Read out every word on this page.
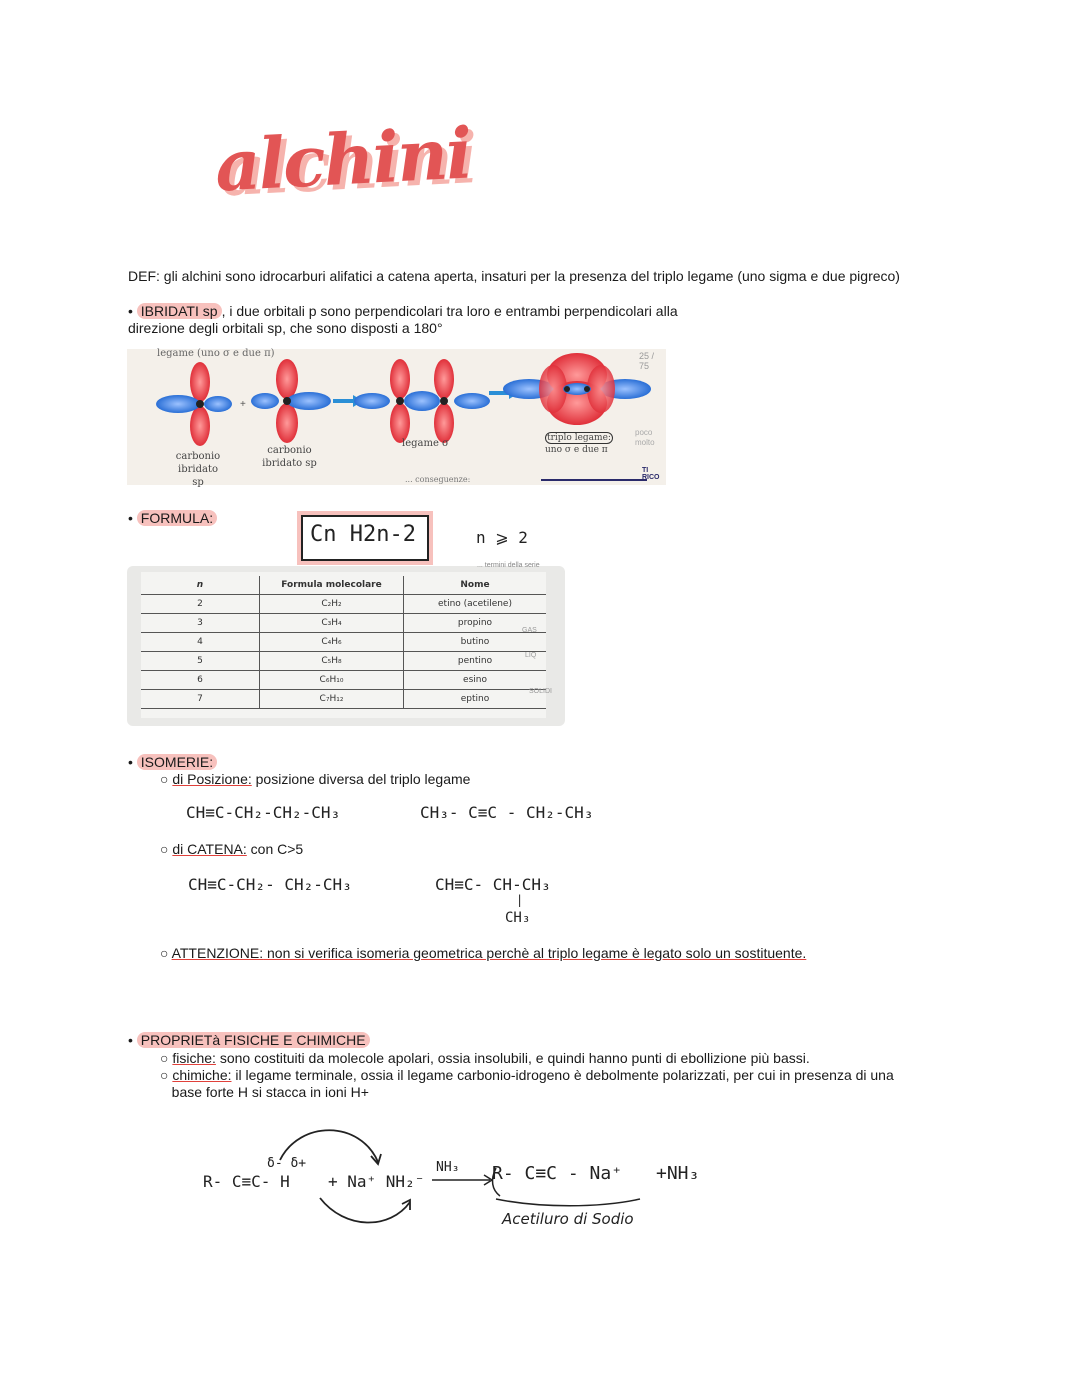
alchini
DEF: gli alchini sono idrocarburi alifatici a catena aperta, insaturi per la presenza del triplo legame (uno sigma e due pigreco)
• IBRIDATI sp , i due orbitali p sono perpendicolari tra loro e entrambi perpendicolari alla
direzione degli orbitali sp, che sono disposti a 180°
+
legame (uno σ e due π)
carbonio ibridato sp
carbonio ibridato sp
legame σ	triplo legame:
uno σ e due π
... conseguenze:
poco
molto
TI RICO
25 / 75
• FORMULA:
Cn H2n-2	n ⩾ 2
... termini della serie
n	Formula molecolare	Nome
2	C₂H₂	etino (acetilene)
3	C₃H₄	propino
4	C₄H₆	butino
5	C₅H₈	pentino
6	C₆H₁₀	esino
7	C₇H₁₂	eptino
GAS
LIQ
SOLIDI
• ISOMERIE:
○ di Posizione: posizione diversa del triplo legame
CH≡C-CH₂-CH₂-CH₃	CH₃- C≡C - CH₂-CH₃
○ di CATENA: con C>5
CH≡C-CH₂- CH₂-CH₃	CH≡C- CH-CH₃
|
CH₃
○ ATTENZIONE: non si verifica isomeria geometrica perchè al triplo legame è legato solo un sostituente.
• PROPRIETà FISICHE E CHIMICHE
○ fisiche: sono costituiti da molecole apolari, ossia insolubili, e quindi hanno punti di ebollizione più bassi.
○ chimiche: il legame terminale, ossia il legame carbonio-idrogeno è debolmente polarizzati, per cui in presenza di una
base forte H si stacca in ioni H+
δ- δ+
R- C≡C- H + Na⁺ NH₂⁻
NH₃ R- C≡C - Na⁺ +NH₃
Acetiluro di Sodio
